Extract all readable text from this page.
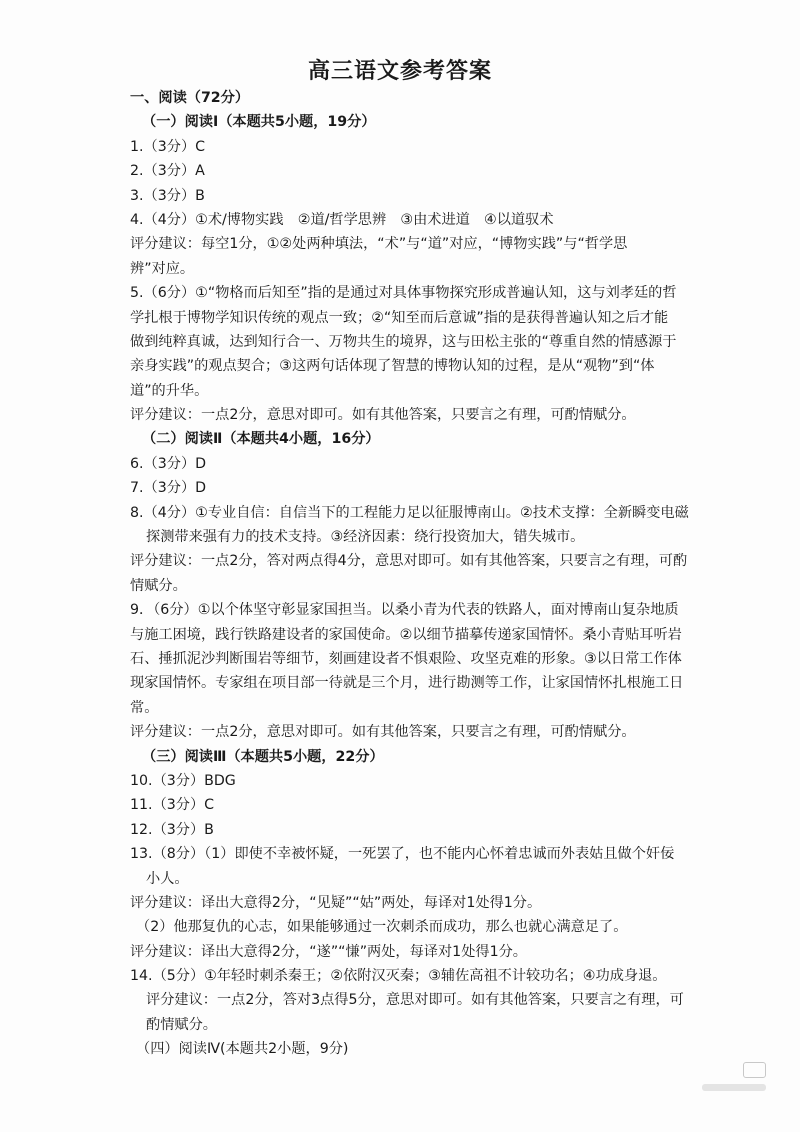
高三语文参考答案
一、阅读（72分）
（一）阅读Ⅰ（本题共5小题，19分）
1.（3分）C
2.（3分）A
3.（3分）B
4.（4分）①术/博物实践　②道/哲学思辨　③由术进道　④以道驭术
评分建议：每空1分，①②处两种填法，“术”与“道”对应，“博物实践”与“哲学思
辨”对应。
5.（6分）①“物格而后知至”指的是通过对具体事物探究形成普遍认知，这与刘孝廷的哲
学扎根于博物学知识传统的观点一致；②“知至而后意诚”指的是获得普遍认知之后才能
做到纯粹真诚，达到知行合一、万物共生的境界，这与田松主张的“尊重自然的情感源于
亲身实践”的观点契合；③这两句话体现了智慧的博物认知的过程，是从“观物”到“体
道”的升华。
评分建议：一点2分，意思对即可。如有其他答案，只要言之有理，可酌情赋分。
（二）阅读Ⅱ（本题共4小题，16分）
6.（3分）D
7.（3分）D
8.（4分）①专业自信：自信当下的工程能力足以征服博南山。②技术支撑：全新瞬变电磁
探测带来强有力的技术支持。③经济因素：绕行投资加大，错失城市。
评分建议：一点2分，答对两点得4分，意思对即可。如有其他答案，只要言之有理，可酌
情赋分。
9．（6分）①以个体坚守彰显家国担当。以桑小青为代表的铁路人，面对博南山复杂地质
与施工困境，践行铁路建设者的家国使命。②以细节描摹传递家国情怀。桑小青贴耳听岩
石、捶抓泥沙判断围岩等细节，刻画建设者不惧艰险、攻坚克难的形象。③以日常工作体
现家国情怀。专家组在项目部一待就是三个月，进行勘测等工作，让家国情怀扎根施工日
常。
评分建议：一点2分，意思对即可。如有其他答案，只要言之有理，可酌情赋分。
（三）阅读Ⅲ（本题共5小题，22分）
10.（3分）BDG
11.（3分）C
12.（3分）B
13.（8分）（1）即使不幸被怀疑，一死罢了，也不能内心怀着忠诚而外表姑且做个奸佞
小人。
评分建议：译出大意得2分，“见疑”“姑”两处，每译对1处得1分。
（2）他那复仇的心志，如果能够通过一次刺杀而成功，那么也就心满意足了。
评分建议：译出大意得2分，“遂”“慊”两处，每译对1处得1分。
14.（5分）①年轻时刺杀秦王；②依附汉灭秦；③辅佐高祖不计较功名；④功成身退。
评分建议：一点2分，答对3点得5分，意思对即可。如有其他答案，只要言之有理，可
酌情赋分。
（四）阅读Ⅳ(本题共2小题，9分)
